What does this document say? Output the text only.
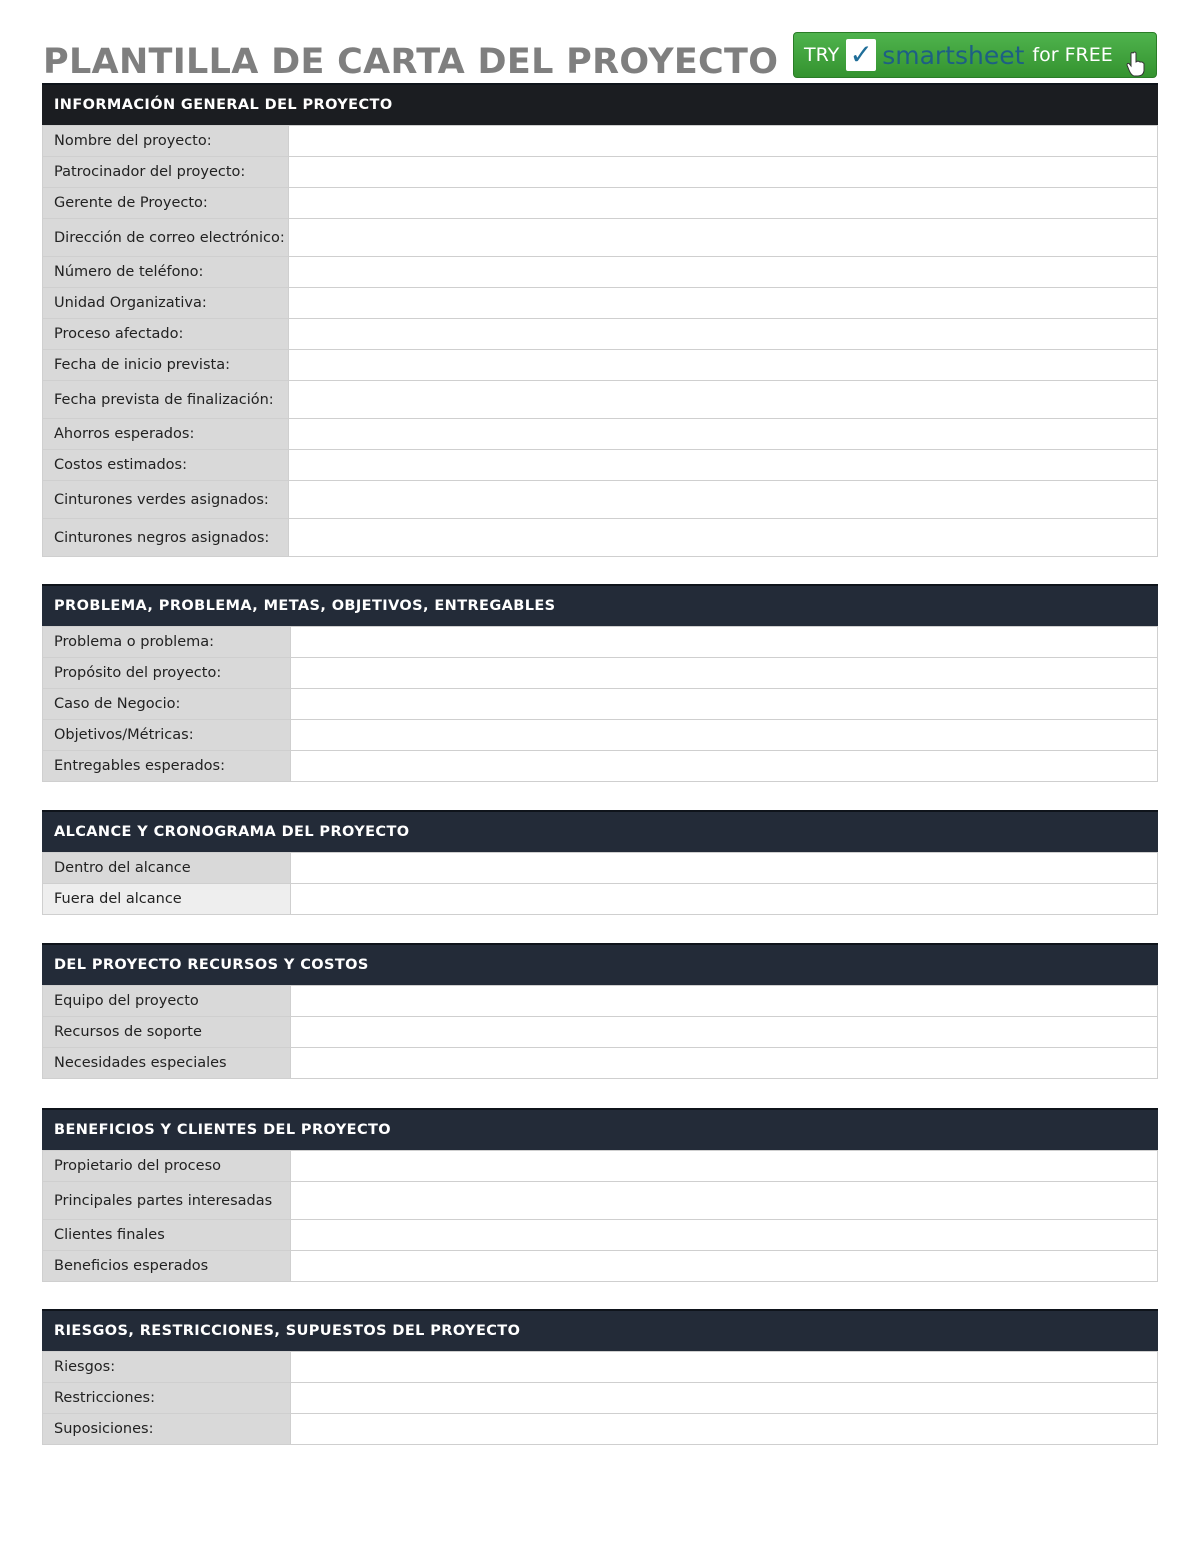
PLANTILLA DE CARTA DEL PROYECTO TRY ✓ smartsheet for FREE
INFORMACIÓN GENERAL DEL PROYECTO
Nombre del proyecto:	
Patrocinador del proyecto:	
Gerente de Proyecto:	
Dirección de correo electrónico:	
Número de teléfono:	
Unidad Organizativa:	
Proceso afectado:	
Fecha de inicio prevista:	
Fecha prevista de finalización:	
Ahorros esperados:	
Costos estimados:	
Cinturones verdes asignados:	
Cinturones negros asignados:	
PROBLEMA, PROBLEMA, METAS, OBJETIVOS, ENTREGABLES
Problema o problema:	
Propósito del proyecto:	
Caso de Negocio:	
Objetivos/Métricas:	
Entregables esperados:	
ALCANCE Y CRONOGRAMA DEL PROYECTO
Dentro del alcance	
Fuera del alcance	
DEL PROYECTO RECURSOS Y COSTOS
Equipo del proyecto	
Recursos de soporte	
Necesidades especiales	
BENEFICIOS Y CLIENTES DEL PROYECTO
Propietario del proceso	
Principales partes interesadas	
Clientes finales	
Beneficios esperados	
RIESGOS, RESTRICCIONES, SUPUESTOS DEL PROYECTO
Riesgos:	
Restricciones:	
Suposiciones:	
